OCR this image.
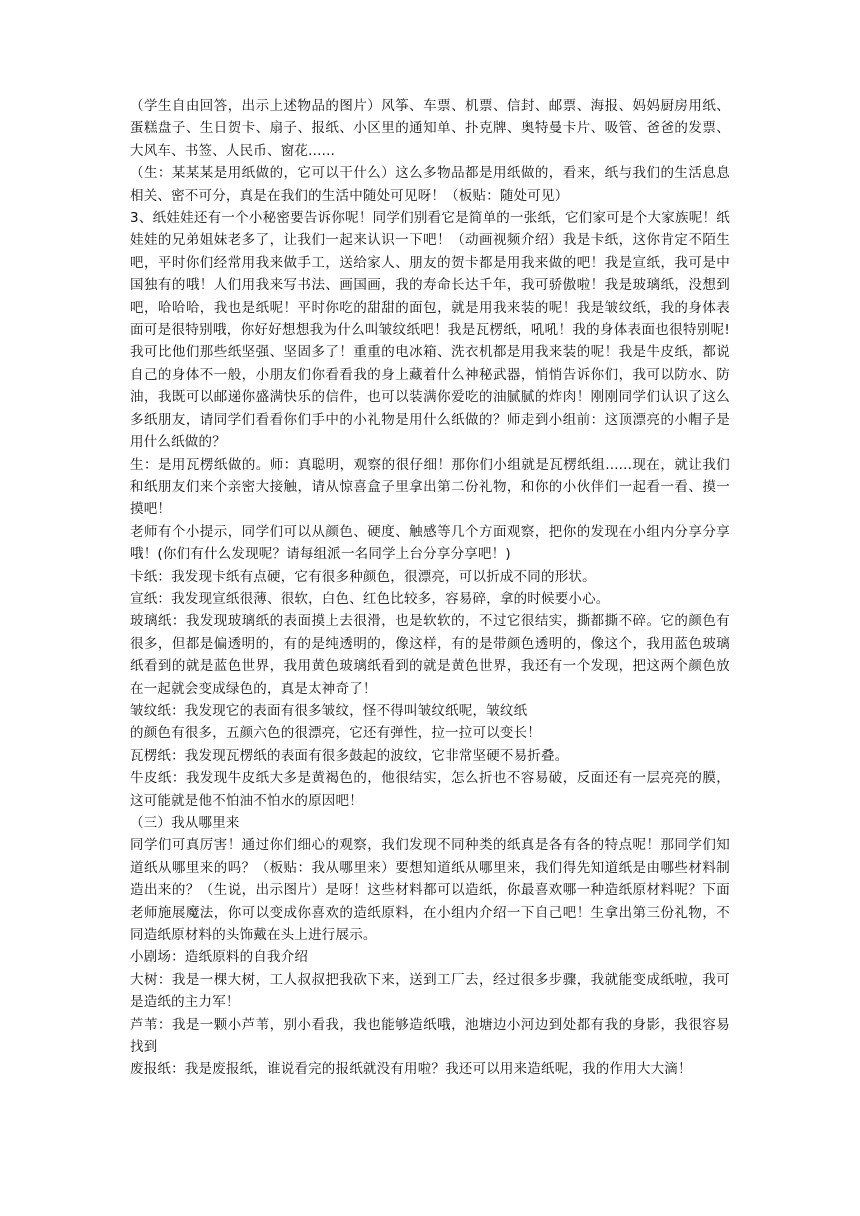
（学生自由回答，出示上述物品的图片）风筝、车票、机票、信封、邮票、海报、妈妈厨房用纸、蛋糕盘子、生日贺卡、扇子、报纸、小区里的通知单、扑克牌、奥特曼卡片、吸管、爸爸的发票、大风车、书签、人民币、窗花......

（生：某某某是用纸做的，它可以干什么）这么多物品都是用纸做的，看来，纸与我们的生活息息相关、密不可分，真是在我们的生活中随处可见呀！（板贴：随处可见）

3、纸娃娃还有一个小秘密要告诉你呢！同学们别看它是简单的一张纸，它们家可是个大家族呢！纸娃娃的兄弟姐妹老多了，让我们一起来认识一下吧！（动画视频介绍）我是卡纸，这你肯定不陌生吧，平时你们经常用我来做手工，送给家人、朋友的贺卡都是用我来做的吧！我是宣纸，我可是中国独有的哦！人们用我来写书法、画国画，我的寿命长达千年，我可骄傲啦！我是玻璃纸，没想到吧，哈哈哈，我也是纸呢！平时你吃的甜甜的面包，就是用我来装的呢！我是皱纹纸，我的身体表面可是很特别哦，你好好想想我为什么叫皱纹纸吧！我是瓦楞纸，吼吼！我的身体表面也很特别呢!我可比他们那些纸坚强、坚固多了！重重的电冰箱、洗衣机都是用我来装的呢！我是牛皮纸，都说自己的身体不一般，小朋友们你看看我的身上藏着什么神秘武器，悄悄告诉你们，我可以防水、防油，我既可以邮递你盛满快乐的信件，也可以装满你爱吃的油腻腻的炸肉！刚刚同学们认识了这么多纸朋友，请同学们看看你们手中的小礼物是用什么纸做的？师走到小组前：这顶漂亮的小帽子是用什么纸做的？

生：是用瓦楞纸做的。师：真聪明，观察的很仔细！那你们小组就是瓦楞纸组......现在，就让我们和纸朋友们来个亲密大接触，请从惊喜盒子里拿出第二份礼物，和你的小伙伴们一起看一看、摸一摸吧！

老师有个小提示，同学们可以从颜色、硬度、触感等几个方面观察，把你的发现在小组内分享分享哦！(你们有什么发现呢？请每组派一名同学上台分享分享吧！)

卡纸：我发现卡纸有点硬，它有很多种颜色，很漂亮，可以折成不同的形状。

宣纸：我发现宣纸很薄、很软，白色、红色比较多，容易碎，拿的时候要小心。

玻璃纸：我发现玻璃纸的表面摸上去很滑，也是软软的，不过它很结实，撕都撕不碎。它的颜色有很多，但都是偏透明的，有的是纯透明的，像这样，有的是带颜色透明的，像这个，我用蓝色玻璃纸看到的就是蓝色世界，我用黄色玻璃纸看到的就是黄色世界，我还有一个发现，把这两个颜色放在一起就会变成绿色的，真是太神奇了！

皱纹纸：我发现它的表面有很多皱纹，怪不得叫皱纹纸呢，皱纹纸

的颜色有很多，五颜六色的很漂亮，它还有弹性，拉一拉可以变长！

瓦楞纸：我发现瓦楞纸的表面有很多鼓起的波纹，它非常坚硬不易折叠。

牛皮纸：我发现牛皮纸大多是黄褐色的，他很结实，怎么折也不容易破，反面还有一层亮亮的膜，这可能就是他不怕油不怕水的原因吧！

（三）我从哪里来

同学们可真厉害！通过你们细心的观察，我们发现不同种类的纸真是各有各的特点呢！那同学们知道纸从哪里来的吗？（板贴：我从哪里来）要想知道纸从哪里来，我们得先知道纸是由哪些材料制造出来的？（生说，出示图片）是呀！这些材料都可以造纸，你最喜欢哪一种造纸原材料呢？下面老师施展魔法，你可以变成你喜欢的造纸原料，在小组内介绍一下自己吧！生拿出第三份礼物，不同造纸原材料的头饰戴在头上进行展示。

小剧场：造纸原料的自我介绍

大树：我是一棵大树，工人叔叔把我砍下来，送到工厂去，经过很多步骤，我就能变成纸啦，我可是造纸的主力军！

芦苇：我是一颗小芦苇，别小看我，我也能够造纸哦，池塘边小河边到处都有我的身影，我很容易找到

废报纸：我是废报纸，谁说看完的报纸就没有用啦？我还可以用来造纸呢，我的作用大大滴！
